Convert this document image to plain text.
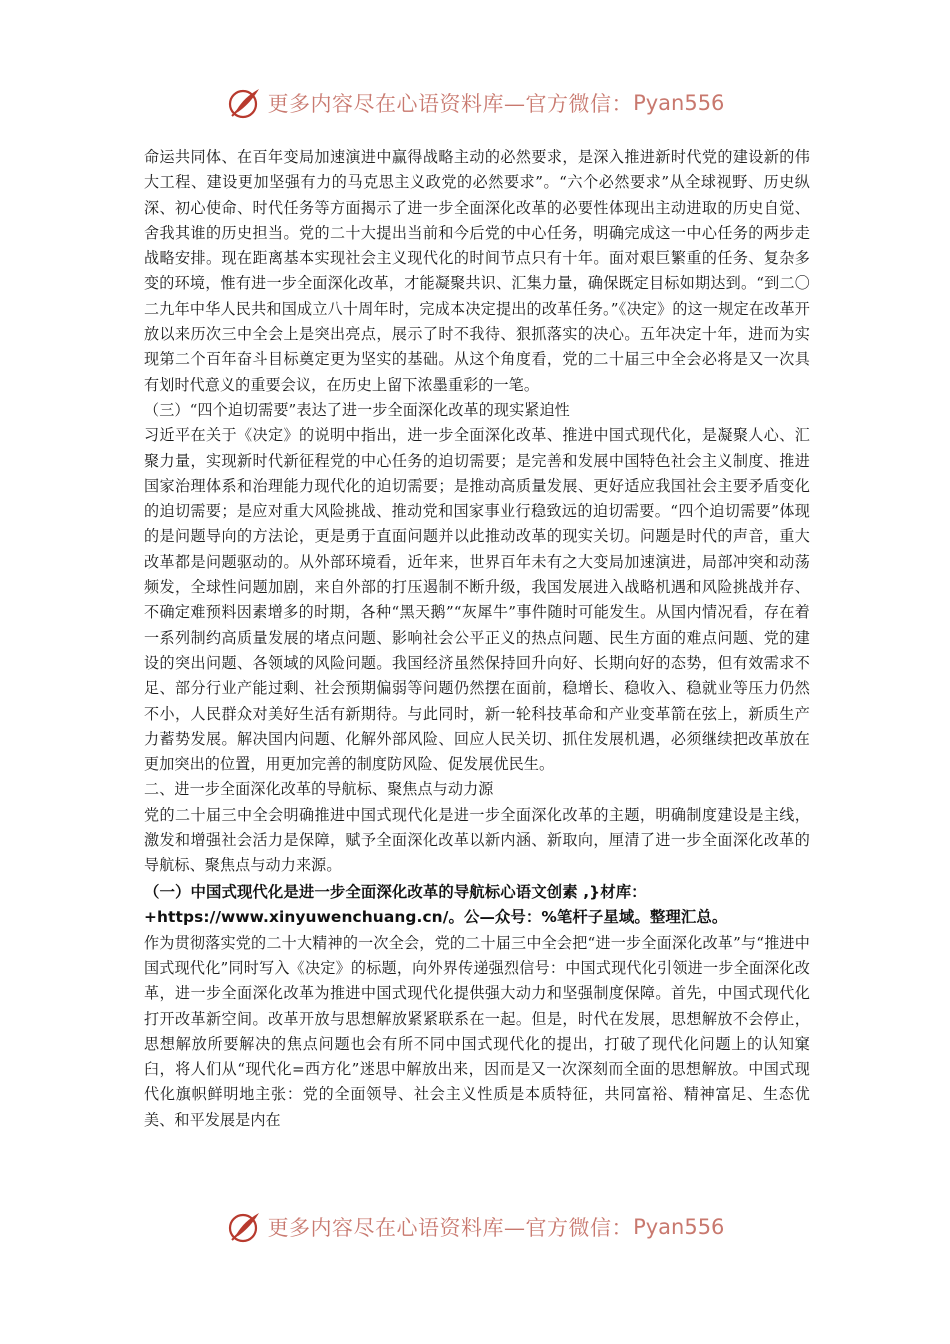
更多内容尽在心语资料库—官方微信： Pyan556

命运共同体、在百年变局加速演进中赢得战略主动的必然要求，是深入推进新时代党的建设新的伟大工程、建设更加坚强有力的马克思主义政党的必然要求”。“六个必然要求”从全球视野、历史纵深、初心使命、时代任务等方面揭示了进一步全面深化改革的必要性体现出主动进取的历史自觉、舍我其谁的历史担当。党的二十大提出当前和今后党的中心任务，明确完成这一中心任务的两步走战略安排。现在距离基本实现社会主义现代化的时间节点只有十年。面对艰巨繁重的任务、复杂多变的环境，惟有进一步全面深化改革，才能凝聚共识、汇集力量，确保既定目标如期达到。“到二〇二九年中华人民共和国成立八十周年时，完成本决定提出的改革任务。”《决定》的这一规定在改革开放以来历次三中全会上是突出亮点，展示了时不我待、狠抓落实的决心。五年决定十年，进而为实现第二个百年奋斗目标奠定更为坚实的基础。从这个角度看，党的二十届三中全会必将是又一次具有划时代意义的重要会议，在历史上留下浓墨重彩的一笔。

（三）“四个迫切需要”表达了进一步全面深化改革的现实紧迫性

习近平在关于《决定》的说明中指出，进一步全面深化改革、推进中国式现代化，是凝聚人心、汇聚力量，实现新时代新征程党的中心任务的迫切需要；是完善和发展中国特色社会主义制度、推进国家治理体系和治理能力现代化的迫切需要；是推动高质量发展、更好适应我国社会主要矛盾变化的迫切需要；是应对重大风险挑战、推动党和国家事业行稳致远的迫切需要。“四个迫切需要”体现的是问题导向的方法论，更是勇于直面问题并以此推动改革的现实关切。问题是时代的声音，重大改革都是问题驱动的。从外部环境看，近年来，世界百年未有之大变局加速演进，局部冲突和动荡频发，全球性问题加剧，来自外部的打压遏制不断升级，我国发展进入战略机遇和风险挑战并存、不确定难预料因素增多的时期，各种“黑天鹅”“灰犀牛”事件随时可能发生。从国内情况看，存在着一系列制约高质量发展的堵点问题、影响社会公平正义的热点问题、民生方面的难点问题、党的建设的突出问题、各领域的风险问题。我国经济虽然保持回升向好、长期向好的态势，但有效需求不足、部分行业产能过剩、社会预期偏弱等问题仍然摆在面前，稳增长、稳收入、稳就业等压力仍然不小，人民群众对美好生活有新期待。与此同时，新一轮科技革命和产业变革箭在弦上，新质生产力蓄势发展。解决国内问题、化解外部风险、回应人民关切、抓住发展机遇，必须继续把改革放在更加突出的位置，用更加完善的制度防风险、促发展优民生。

二、进一步全面深化改革的导航标、聚焦点与动力源

党的二十届三中全会明确推进中国式现代化是进一步全面深化改革的主题，明确制度建设是主线，激发和增强社会活力是保障，赋予全面深化改革以新内涵、新取向，厘清了进一步全面深化改革的导航标、聚焦点与动力来源。

（一）中国式现代化是进一步全面深化改革的导航标心语文创素 ,}材库：+https://www.xinyuwenchuang.cn/。公—众号：%笔杆子星域。整理汇总。

作为贯彻落实党的二十大精神的一次全会，党的二十届三中全会把“进一步全面深化改革”与“推进中国式现代化”同时写入《决定》的标题，向外界传递强烈信号：中国式现代化引领进一步全面深化改革，进一步全面深化改革为推进中国式现代化提供强大动力和坚强制度保障。首先，中国式现代化打开改革新空间。改革开放与思想解放紧紧联系在一起。但是，时代在发展，思想解放不会停止，思想解放所要解决的焦点问题也会有所不同中国式现代化的提出，打破了现代化问题上的认知窠臼，将人们从“现代化=西方化”迷思中解放出来，因而是又一次深刻而全面的思想解放。中国式现代化旗帜鲜明地主张：党的全面领导、社会主义性质是本质特征，共同富裕、精神富足、生态优美、和平发展是内在

更多内容尽在心语资料库—官方微信： Pyan556
